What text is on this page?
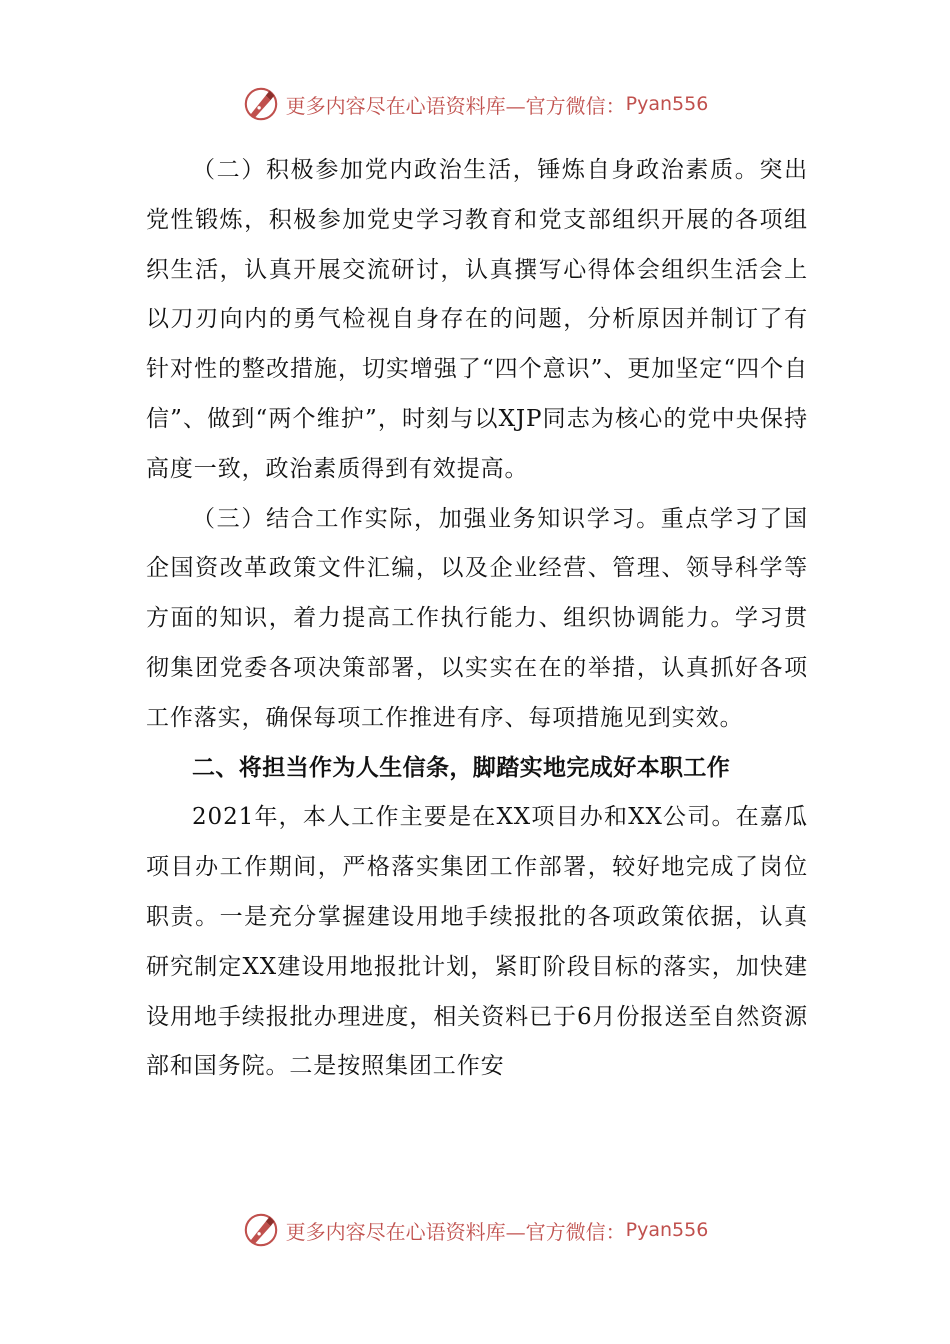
更多内容尽在心语资料库—官方微信： Pyan556

（二）积极参加党内政治生活，锤炼自身政治素质。突出党性锻炼，积极参加党史学习教育和党支部组织开展的各项组织生活，认真开展交流研讨，认真撰写心得体会组织生活会上以刀刃向内的勇气检视自身存在的问题，分析原因并制订了有针对性的整改措施，切实增强了“四个意识”、更加坚定“四个自信”、做到“两个维护”，时刻与以XJP同志为核心的党中央保持高度一致，政治素质得到有效提高。

（三）结合工作实际，加强业务知识学习。重点学习了国企国资改革政策文件汇编，以及企业经营、管理、领导科学等方面的知识，着力提高工作执行能力、组织协调能力。学习贯彻集团党委各项决策部署，以实实在在的举措，认真抓好各项工作落实，确保每项工作推进有序、每项措施见到实效。

二、将担当作为人生信条，脚踏实地完成好本职工作

2021年，本人工作主要是在XX项目办和XX公司。在嘉瓜项目办工作期间，严格落实集团工作部署，较好地完成了岗位职责。一是充分掌握建设用地手续报批的各项政策依据，认真研究制定XX建设用地报批计划，紧盯阶段目标的落实，加快建设用地手续报批办理进度，相关资料已于6月份报送至自然资源部和国务院。二是按照集团工作安

更多内容尽在心语资料库—官方微信： Pyan556
